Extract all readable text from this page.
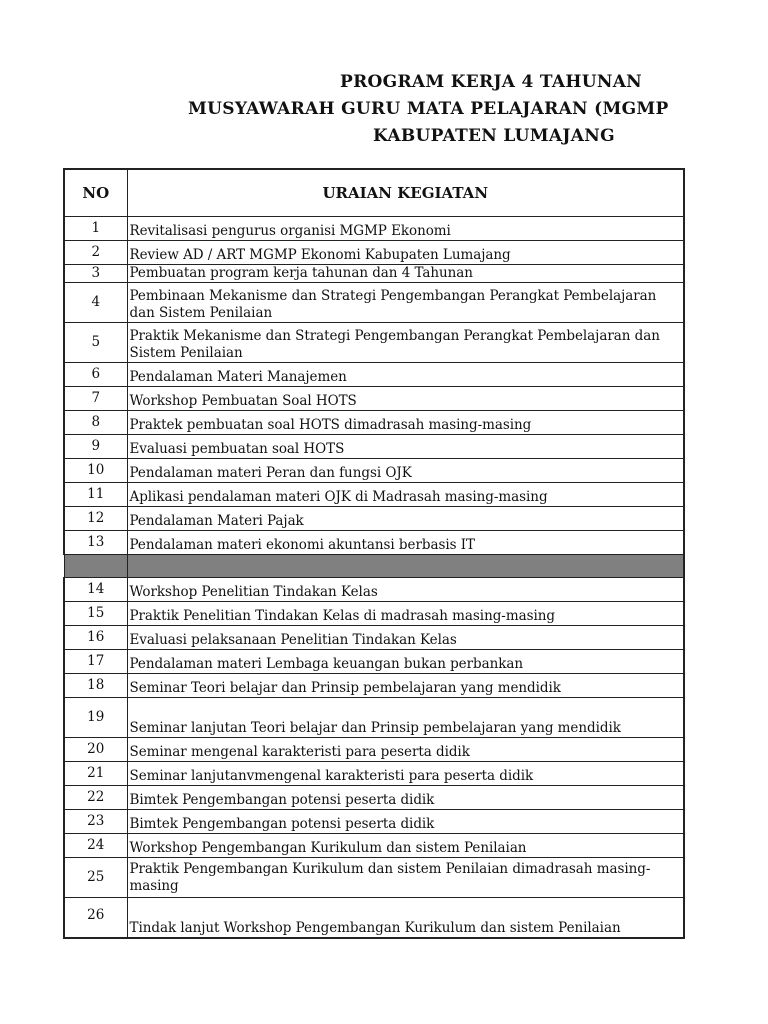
PROGRAM KERJA 4 TAHUNAN
MUSYAWARAH GURU MATA PELAJARAN (MGMP
KABUPATEN LUMAJANG
NO	URAIAN KEGIATAN
1	Revitalisasi pengurus organisi MGMP Ekonomi
2	Review AD / ART MGMP Ekonomi Kabupaten Lumajang
3	Pembuatan program kerja tahunan dan 4 Tahunan
4	Pembinaan Mekanisme dan Strategi Pengembangan Perangkat Pembelajaran dan Sistem Penilaian
5	Praktik Mekanisme dan Strategi Pengembangan Perangkat Pembelajaran dan Sistem Penilaian
6	Pendalaman Materi Manajemen
7	Workshop Pembuatan Soal HOTS
8	Praktek pembuatan soal HOTS dimadrasah masing-masing
9	Evaluasi pembuatan soal HOTS
10	Pendalaman materi Peran dan fungsi OJK
11	Aplikasi pendalaman materi OJK di Madrasah masing-masing
12	Pendalaman Materi Pajak
13	Pendalaman materi ekonomi akuntansi berbasis IT

14	Workshop Penelitian Tindakan Kelas
15	Praktik Penelitian Tindakan Kelas di madrasah masing-masing
16	Evaluasi pelaksanaan Penelitian Tindakan Kelas
17	Pendalaman materi Lembaga keuangan bukan perbankan
18	Seminar Teori belajar dan Prinsip pembelajaran yang mendidik
19	Seminar lanjutan Teori belajar dan Prinsip pembelajaran yang mendidik
20	Seminar mengenal karakteristi para peserta didik
21	Seminar lanjutanvmengenal karakteristi para peserta didik
22	Bimtek Pengembangan potensi peserta didik
23	Bimtek Pengembangan potensi peserta didik
24	Workshop Pengembangan Kurikulum dan sistem Penilaian
25	Praktik Pengembangan Kurikulum dan sistem Penilaian dimadrasah masing-masing
26	Tindak lanjut Workshop Pengembangan Kurikulum dan sistem Penilaian
